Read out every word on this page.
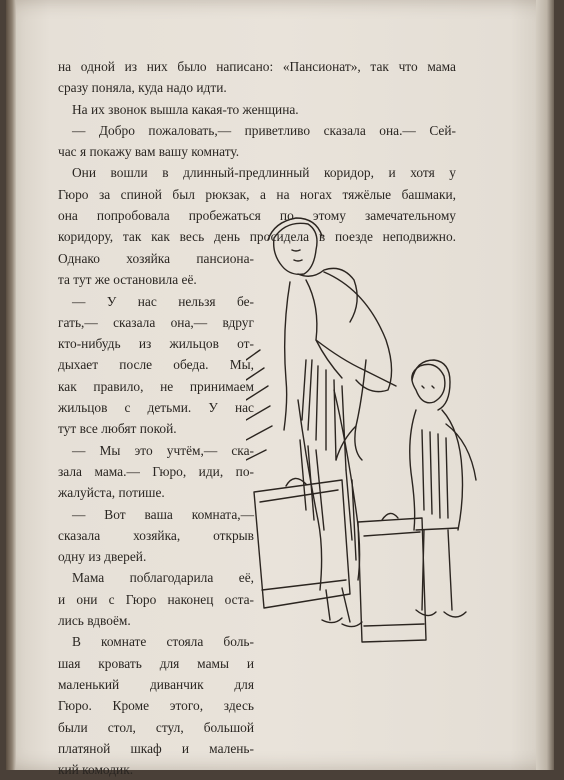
на одной из них было написано: «Пансионат», так что мама
сразу поняла, куда надо идти.
На их звонок вышла какая-то женщина.
— Добро пожаловать,— приветливо сказала она.— Сей-
час я покажу вам вашу комнату.
Они вошли в длинный-предлинный коридор, и хотя у
Гюро за спиной был рюкзак, а на ногах тяжёлые башмаки,
она попробовала пробежаться по этому замечательному
коридору, так как весь день просидела в поезде неподвижно.
Однако хозяйка пансиона-
та тут же остановила её.
— У нас нельзя бе-
гать,— сказала она,— вдруг
кто-нибудь из жильцов от-
дыхает после обеда. Мы,
как правило, не принимаем
жильцов с детьми. У нас
тут все любят покой.
— Мы это учтём,— ска-
зала мама.— Гюро, иди, по-
жалуйста, потише.
— Вот ваша комната,—
сказала хозяйка, открыв
одну из дверей.
Мама поблагодарила её,
и они с Гюро наконец оста-
лись вдвоём.
В комнате стояла боль-
шая кровать для мамы и
маленький диванчик для
Гюро. Кроме этого, здесь
были стол, стул, большой
платяной шкаф и малень-
кий комодик.
